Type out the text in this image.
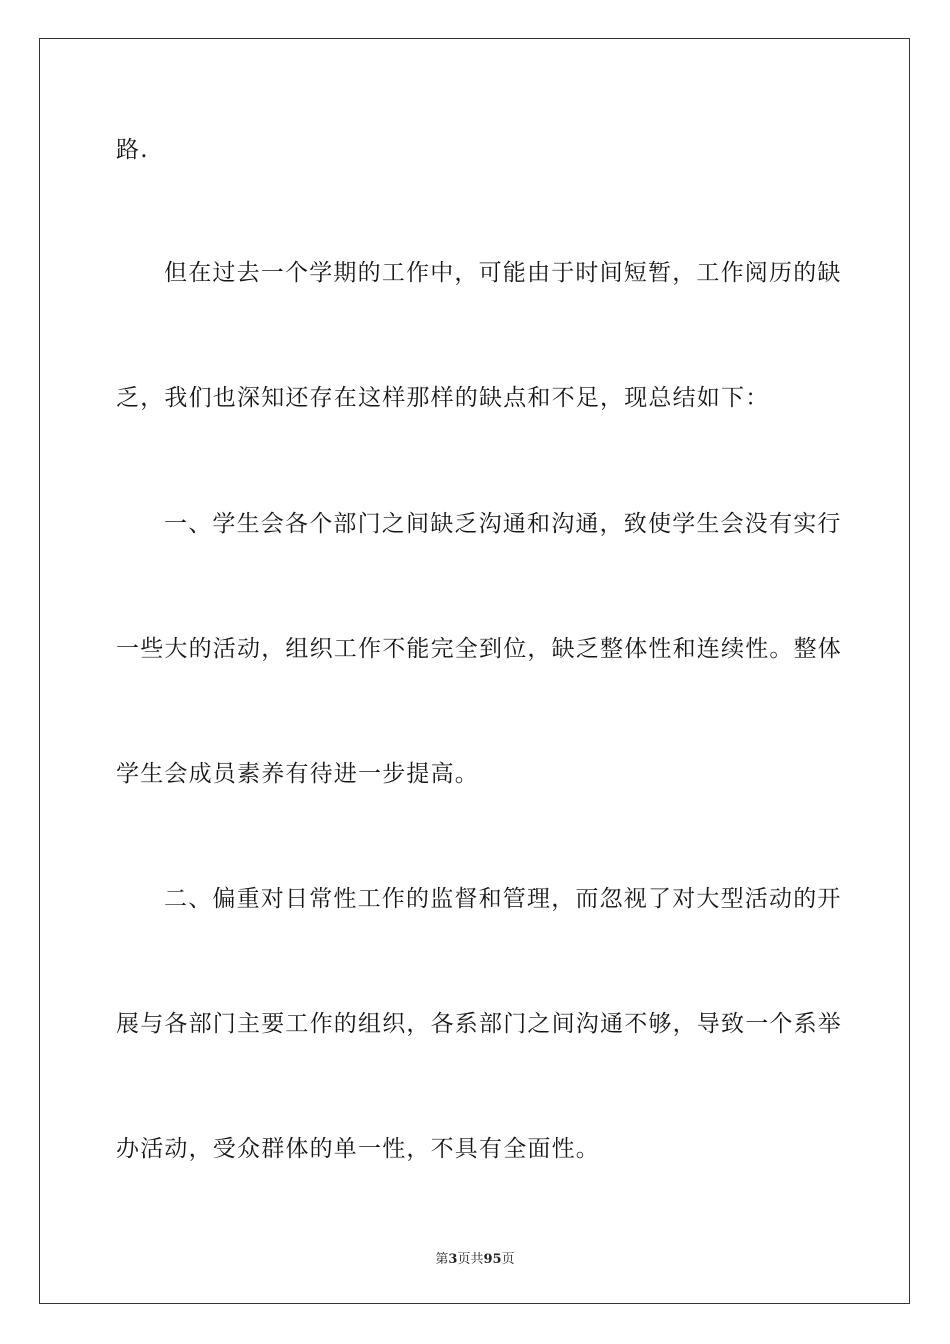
路.
但在过去一个学期的工作中，可能由于时间短暂，工作阅历的缺
乏，我们也深知还存在这样那样的缺点和不足，现总结如下：
一、学生会各个部门之间缺乏沟通和沟通，致使学生会没有实行
一些大的活动，组织工作不能完全到位，缺乏整体性和连续性。整体
学生会成员素养有待进一步提高。
二、偏重对日常性工作的监督和管理，而忽视了对大型活动的开
展与各部门主要工作的组织，各系部门之间沟通不够，导致一个系举
办活动，受众群体的单一性，不具有全面性。
第3页共95页
